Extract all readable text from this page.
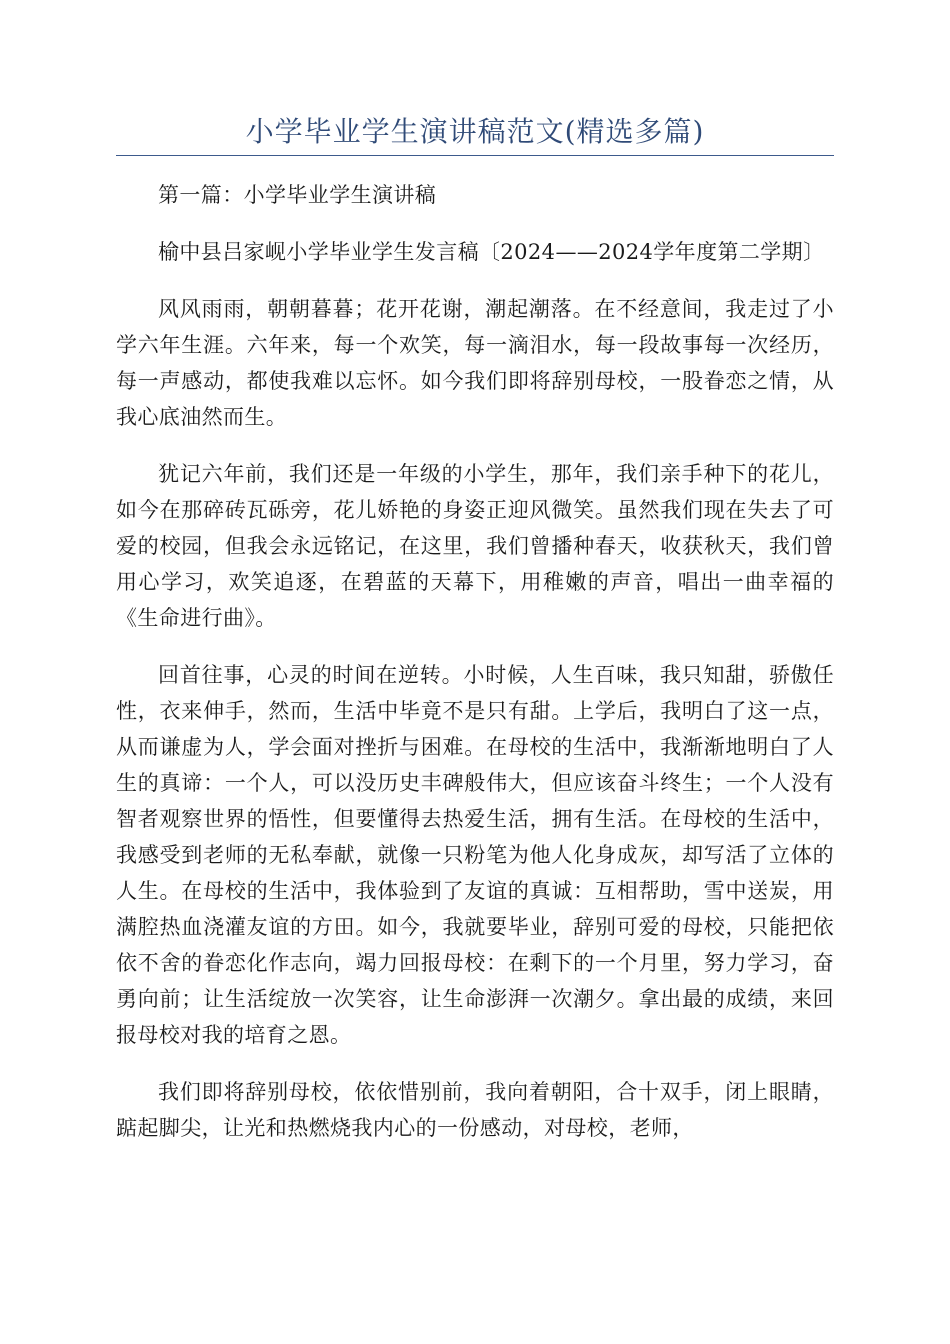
小学毕业学生演讲稿范文(精选多篇)

第一篇：小学毕业学生演讲稿

榆中县吕家岘小学毕业学生发言稿〔2024——2024学年度第二学期〕

风风雨雨，朝朝暮暮；花开花谢，潮起潮落。在不经意间，我走过了小学六年生涯。六年来，每一个欢笑，每一滴泪水，每一段故事每一次经历，每一声感动，都使我难以忘怀。如今我们即将辞别母校，一股眷恋之情，从我心底油然而生。

犹记六年前，我们还是一年级的小学生，那年，我们亲手种下的花儿，如今在那碎砖瓦砾旁，花儿娇艳的身姿正迎风微笑。虽然我们现在失去了可爱的校园，但我会永远铭记，在这里，我们曾播种春天，收获秋天，我们曾用心学习，欢笑追逐，在碧蓝的天幕下，用稚嫩的声音，唱出一曲幸福的《生命进行曲》。

回首往事，心灵的时间在逆转。小时候，人生百味，我只知甜，骄傲任性，衣来伸手，然而，生活中毕竟不是只有甜。上学后，我明白了这一点，从而谦虚为人，学会面对挫折与困难。在母校的生活中，我渐渐地明白了人生的真谛：一个人，可以没历史丰碑般伟大，但应该奋斗终生；一个人没有智者观察世界的悟性，但要懂得去热爱生活，拥有生活。在母校的生活中，我感受到老师的无私奉献，就像一只粉笔为他人化身成灰，却写活了立体的人生。在母校的生活中，我体验到了友谊的真诚：互相帮助，雪中送炭，用满腔热血浇灌友谊的方田。如今，我就要毕业，辞别可爱的母校，只能把依依不舍的眷恋化作志向，竭力回报母校：在剩下的一个月里，努力学习，奋勇向前；让生活绽放一次笑容，让生命澎湃一次潮夕。拿出最的成绩，来回报母校对我的培育之恩。

我们即将辞别母校，依依惜别前，我向着朝阳，合十双手，闭上眼睛，踮起脚尖，让光和热燃烧我内心的一份感动，对母校，老师，
